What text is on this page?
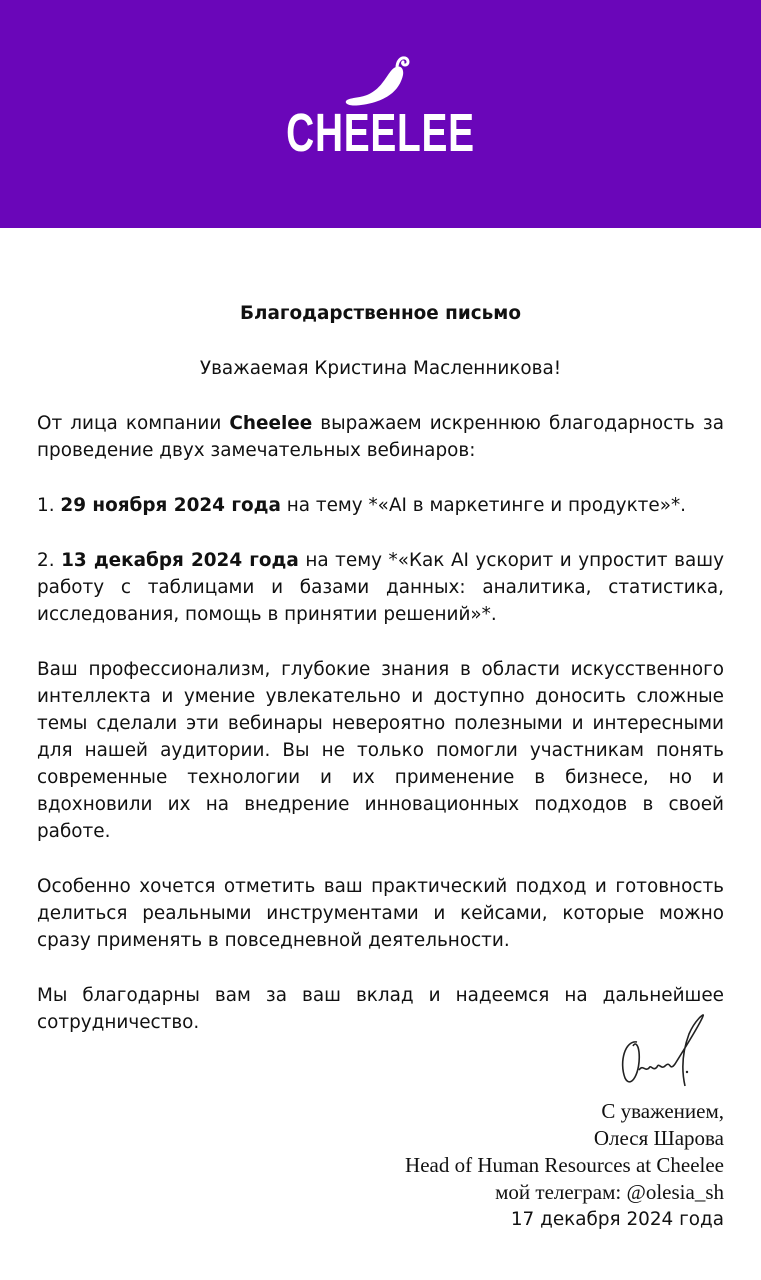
CHEELEE

Благодарственное письмо

Уважаемая Кристина Масленникова!

От лица компании Cheelee выражаем искреннюю благодарность за проведение двух замечательных вебинаров:

1. 29 ноября 2024 года на тему *«AI в маркетинге и продукте»*.

2. 13 декабря 2024 года на тему *«Как AI ускорит и упростит вашу работу с таблицами и базами данных: аналитика, статистика, исследования, помощь в принятии решений»*.

Ваш профессионализм, глубокие знания в области искусственного интеллекта и умение увлекательно и доступно доносить сложные темы сделали эти вебинары невероятно полезными и интересными для нашей аудитории. Вы не только помогли участникам понять современные технологии и их применение в бизнесе, но и вдохновили их на внедрение инновационных подходов в своей работе.

Особенно хочется отметить ваш практический подход и готовность делиться реальными инструментами и кейсами, которые можно сразу применять в повседневной деятельности.

Мы благодарны вам за ваш вклад и надеемся на дальнейшее сотрудничество.

С уважением,
Олеся Шарова
Head of Human Resources at Cheelee
мой телеграм: @olesia_sh
17 декабря 2024 года
